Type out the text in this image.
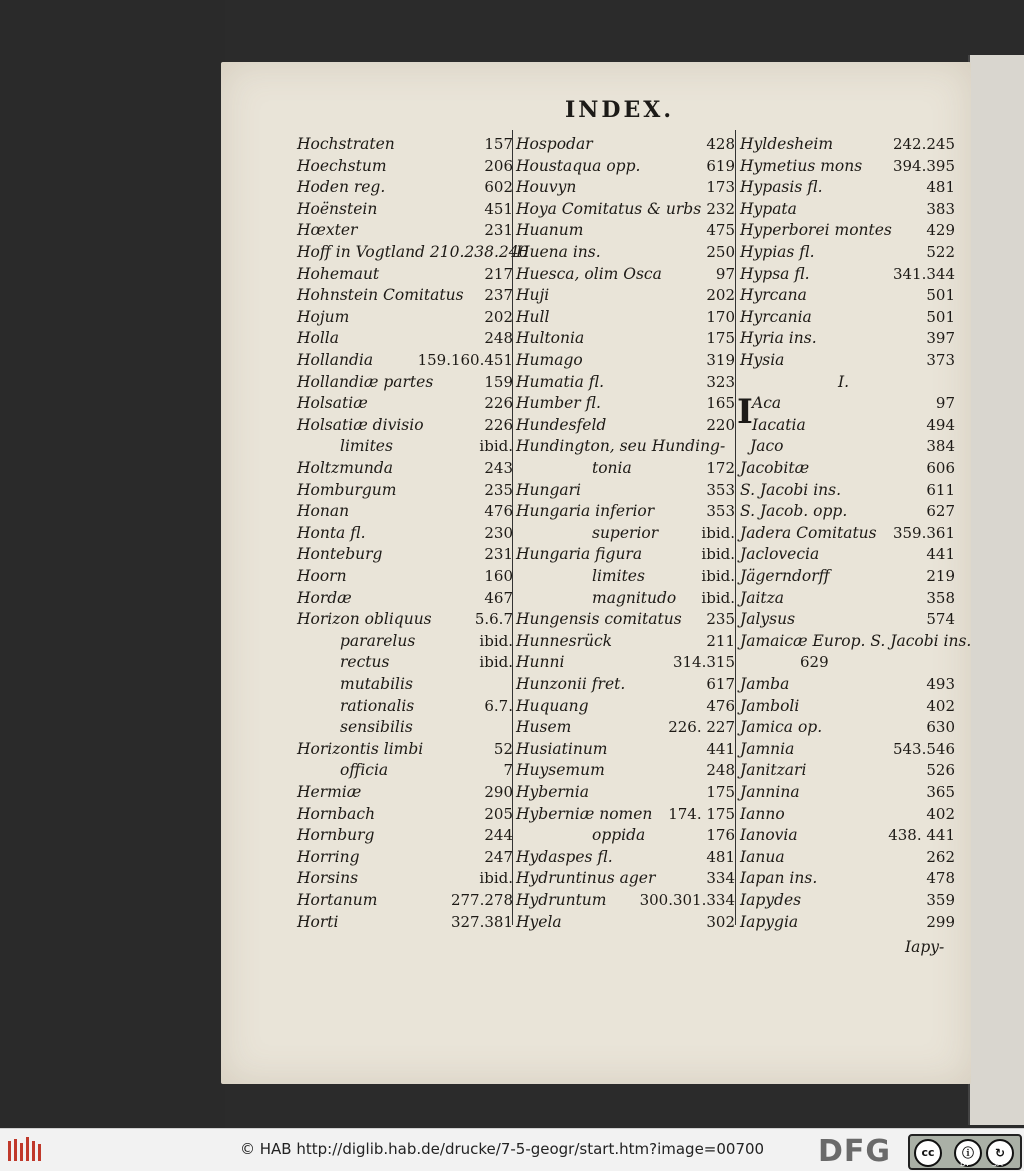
INDEX.
Hochstraten	157
Hoechstum	206
Hoden reg.	602
Hoënstein	451
Hœxter	231
Hoff in Vogtland 210.238.240
Hohemaut	217
Hohnstein Comitatus 237
Hojum	202
Holla	248
Hollandia	159.160.451
Hollandiæ partes	159
Holsatiæ	226
Holsatiæ divisio	226
limites	ibid.
Holtzmunda	243
Homburgum	235
Honan	476
Honta fl.	230
Honteburg	231
Hoorn	160
Hordæ	467
Horizon obliquus	5.6.7
pararelus	ibid.
rectus	ibid.
mutabilis
rationalis	6.7.
sensibilis
Horizontis limbi	52
officia	7
Hermiæ	290
Hornbach	205
Hornburg	244
Horring	247
Horsins	ibid.
Hortanum	277.278
Horti	327.381
Hospodar	428
Houstaqua opp.	619
Houvyn	173
Hoya Comitatus & urbs 232
Huanum	475
Huena ins.	250
Huesca, olim Osca	97
Huji	202
Hull	170
Hultonia	175
Humago	319
Humatia fl.	323
Humber fl.	165
Hundesfeld	220
Hundington, seu Hunding-
tonia	172
Hungari	353
Hungaria inferior	353
superior	ibid.
Hungaria figura	ibid.
limites	ibid.
magnitudo ibid.
Hungensis comitatus 235
Hunnesrück	211
Hunni	314.315
Hunzonii fret.	617
Huquang	476
Husem	226. 227
Husiatinum	441
Huysemum	248
Hybernia	175
Hyberniæ nomen 174. 175
oppida	176
Hydaspes fl.	481
Hydruntinus ager	334
Hydruntum 300.301.334
Hyela	302
Hyldesheim	242.245
Hymetius mons 394.395
Hypasis fl.	481
Hypata	383
Hyperborei montes 429
Hypias fl.	522
Hypsa fl.	341.344
Hyrcana	501
Hyrcania	501
Hyria ins.	397
Hysia	373
I.
Aca	97
Iacatia	494
Jaco	384
Jacobitæ	606
S. Jacobi ins.	611
S. Jacob. opp.	627
Jadera Comitatus 359.361
Jaclovecia	441
Jägerndorff	219
Jaitza	358
Jalysus	574
Jamaicæ Europ. S. Jacobi ins.
629
Jamba	493
Jamboli	402
Jamica op.	630
Jamnia	543.546
Janitzari	526
Jannina	365
Ianno	402
Ianovia	438. 441
Ianua	262
Iapan ins.	478
Iapydes	359
Iapygia	299
I
Iapy-
© HAB http://diglib.hab.de/drucke/7-5-geogr/start.htm?image=00700 DFG	cc	ⓘ	↻
BY	SA
